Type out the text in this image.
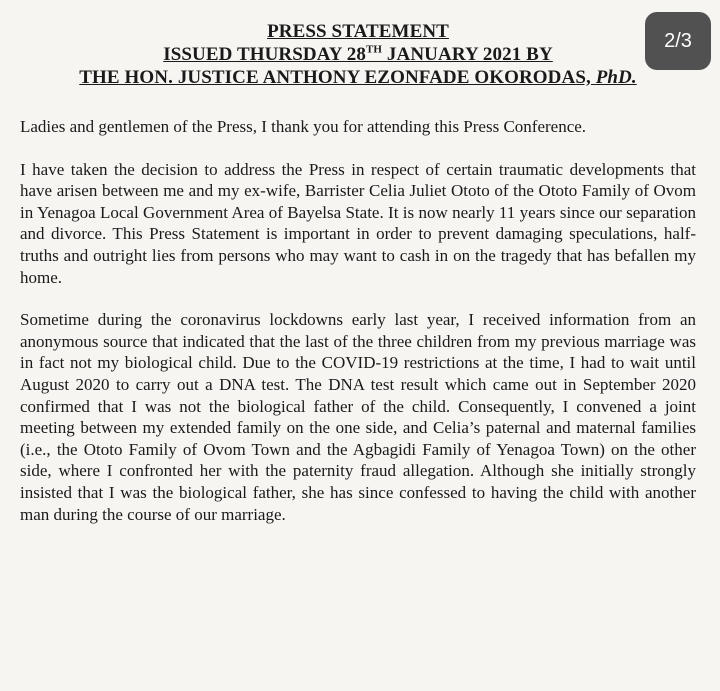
PRESS STATEMENT
ISSUED THURSDAY 28TH JANUARY 2021 BY
THE HON. JUSTICE ANTHONY EZONFADE OKORODAS, PhD.

Ladies and gentlemen of the Press, I thank you for attending this Press Conference.

I have taken the decision to address the Press in respect of certain traumatic developments that have arisen between me and my ex-wife, Barrister Celia Juliet Ototo of the Ototo Family of Ovom in Yenagoa Local Government Area of Bayelsa State. It is now nearly 11 years since our separation and divorce. This Press Statement is important in order to prevent damaging speculations, half-truths and outright lies from persons who may want to cash in on the tragedy that has befallen my home.

Sometime during the coronavirus lockdowns early last year, I received information from an anonymous source that indicated that the last of the three children from my previous marriage was in fact not my biological child. Due to the COVID-19 restrictions at the time, I had to wait until August 2020 to carry out a DNA test. The DNA test result which came out in September 2020 confirmed that I was not the biological father of the child. Consequently, I convened a joint meeting between my extended family on the one side, and Celia’s paternal and maternal families (i.e., the Ototo Family of Ovom Town and the Agbagidi Family of Yenagoa Town) on the other side, where I confronted her with the paternity fraud allegation. Although she initially strongly insisted that I was the biological father, she has since confessed to having the child with another man during the course of our marriage.

2/3
